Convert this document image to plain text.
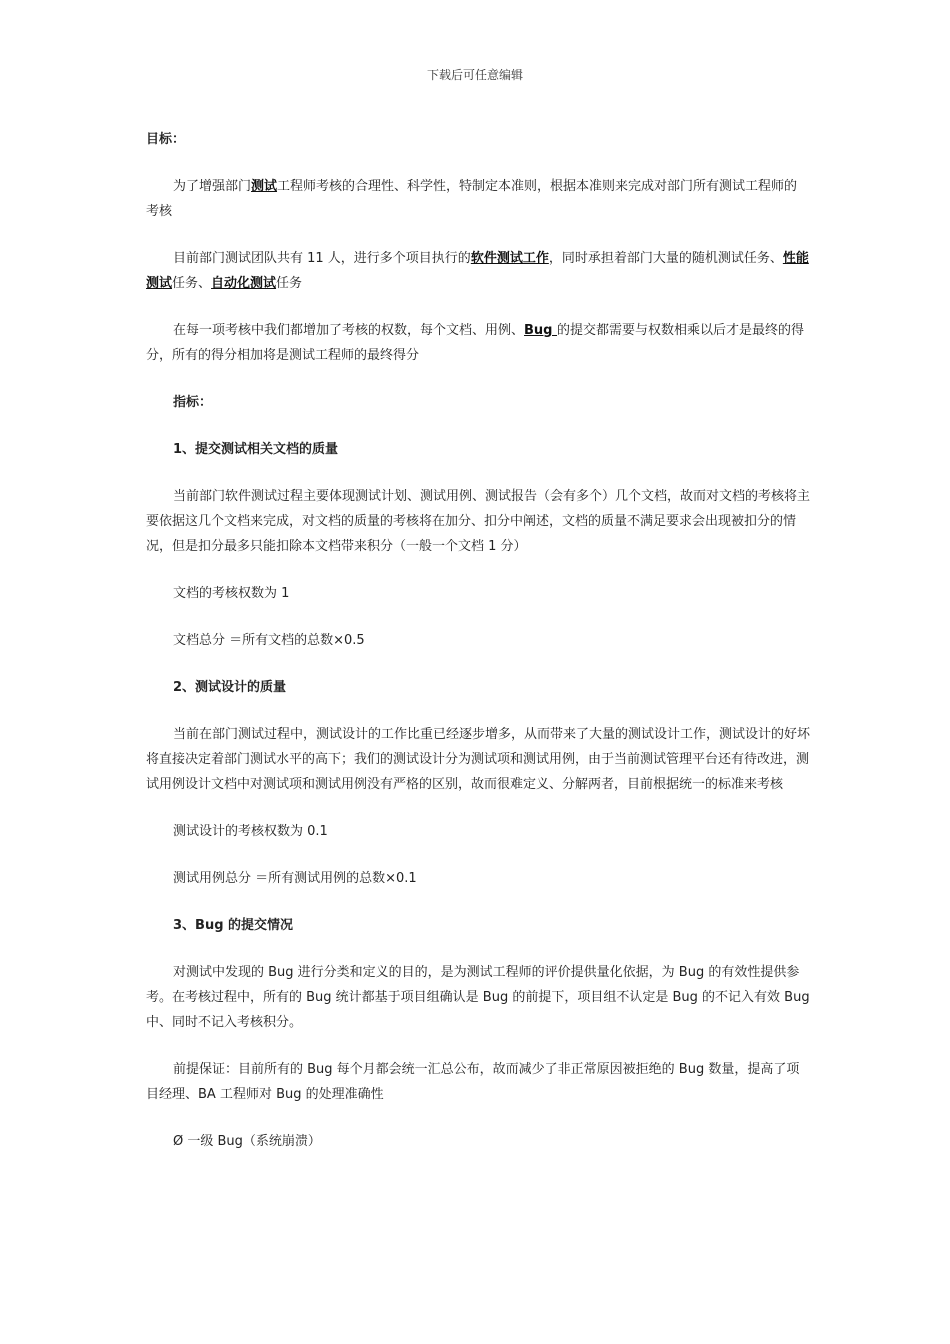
下载后可任意编辑

目标：

为了增强部门测试工程师考核的合理性、科学性，特制定本准则，根据本准则来完成对部门所有测试工程师的考核

目前部门测试团队共有 11 人，进行多个项目执行的软件测试工作，同时承担着部门大量的随机测试任务、性能测试任务、自动化测试任务

在每一项考核中我们都增加了考核的权数，每个文档、用例、Bug 的提交都需要与权数相乘以后才是最终的得分，所有的得分相加将是测试工程师的最终得分

指标：

1、提交测试相关文档的质量

当前部门软件测试过程主要体现测试计划、测试用例、测试报告（会有多个）几个文档，故而对文档的考核将主要依据这几个文档来完成，对文档的质量的考核将在加分、扣分中阐述，文档的质量不满足要求会出现被扣分的情况，但是扣分最多只能扣除本文档带来积分（一般一个文档 1 分）

文档的考核权数为 1

文档总分 ＝所有文档的总数×0.5

2、测试设计的质量

当前在部门测试过程中，测试设计的工作比重已经逐步增多，从而带来了大量的测试设计工作，测试设计的好坏将直接决定着部门测试水平的高下；我们的测试设计分为测试项和测试用例，由于当前测试管理平台还有待改进，测试用例设计文档中对测试项和测试用例没有严格的区别，故而很难定义、分解两者，目前根据统一的标准来考核

测试设计的考核权数为 0.1

测试用例总分 ＝所有测试用例的总数×0.1

3、Bug 的提交情况

对测试中发现的 Bug 进行分类和定义的目的，是为测试工程师的评价提供量化依据，为 Bug 的有效性提供参考。在考核过程中，所有的 Bug 统计都基于项目组确认是 Bug 的前提下，项目组不认定是 Bug 的不记入有效 Bug 中、同时不记入考核积分。

前提保证：目前所有的 Bug 每个月都会统一汇总公布，故而减少了非正常原因被拒绝的 Bug 数量，提高了项目经理、BA 工程师对 Bug 的处理准确性

Ø 一级 Bug（系统崩溃）
